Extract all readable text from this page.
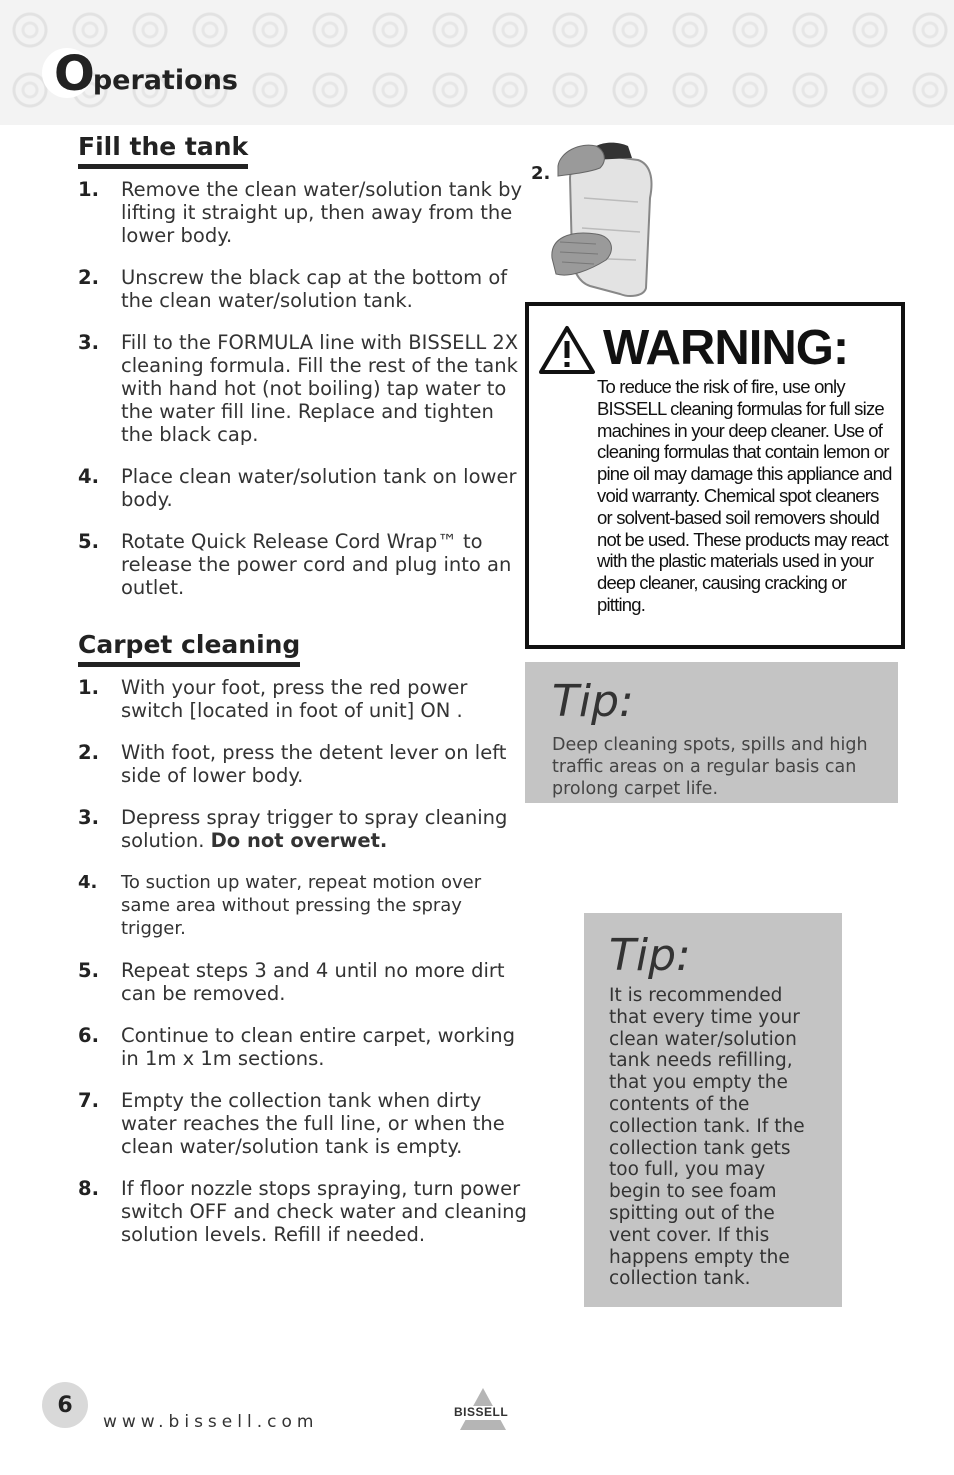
O
perations
Fill the tank
1. Remove the clean water/solution tank by lifting it straight up, then away from the lower body.
2. Unscrew the black cap at the bottom of the clean water/solution tank.
3. Fill to the FORMULA line with BISSELL 2X cleaning formula. Fill the rest of the tank with hand hot (not boiling) tap water to the water fill line. Replace and tighten the black cap.
4. Place clean water/solution tank on lower body.
5. Rotate Quick Release Cord Wrap™ to release the power cord and plug into an outlet.
Carpet cleaning
1. With your foot, press the red power switch [located in foot of unit] ON .
2. With foot, press the detent lever on left side of lower body.
3. Depress spray trigger to spray cleaning solution. Do not overwet.
4. To suction up water, repeat motion over same area without pressing the spray trigger.
5. Repeat steps 3 and 4 until no more dirt can be removed.
6. Continue to clean entire carpet, working in 1m x 1m sections.
7. Empty the collection tank when dirty water reaches the full line, or when the clean water/solution tank is empty.
8. If floor nozzle stops spraying, turn power switch OFF and check water and cleaning solution levels. Refill if needed.
2.
WARNING:
To reduce the risk of fire, use only BISSELL cleaning formulas for full size machines in your deep cleaner. Use of cleaning formulas that contain lemon or pine oil may damage this appliance and void warranty. Chemical spot cleaners or solvent-based soil removers should not be used. These products may react with the plastic materials used in your deep cleaner, causing cracking or pitting.
Tip:
Deep cleaning spots, spills and high traffic areas on a regular basis can prolong carpet life.
Tip:
It is recommended that every time your clean water/solution tank needs refilling, that you empty the contents of the collection tank. If the collection tank gets too full, you may begin to see foam spitting out of the vent cover. If this happens empty the collection tank.
6
www.bissell.com	BISSELL
